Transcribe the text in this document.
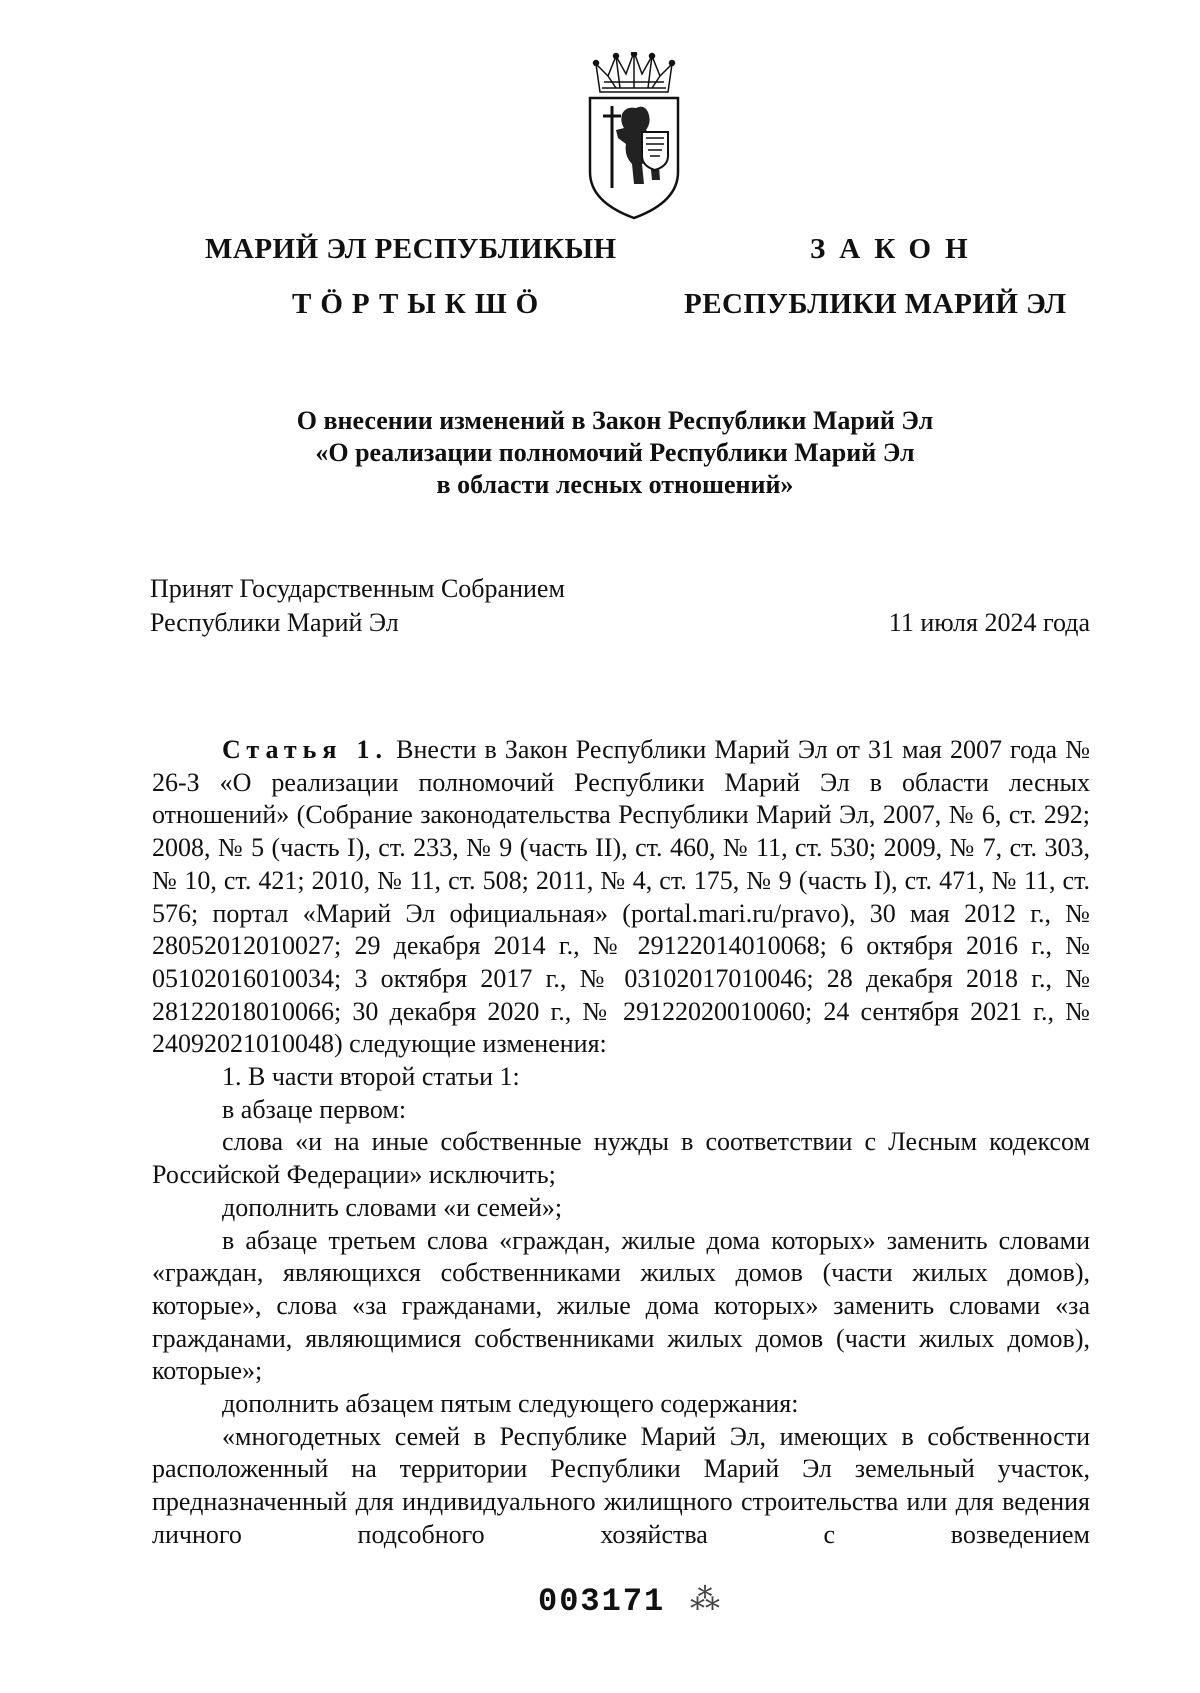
МАРИЙ ЭЛ РЕСПУБЛИКЫН
ТӦРТЫКШӦ
ЗАКОН
РЕСПУБЛИКИ МАРИЙ ЭЛ
О внесении изменений в Закон Республики Марий Эл
«О реализации полномочий Республики Марий Эл
в области лесных отношений»
Принят Государственным Собранием
Республики Марий Эл	11 июля 2024 года
Статья 1. Внести в Закон Республики Марий Эл от 31 мая 2007 года № 26-З «О реализации полномочий Республики Марий Эл в области лесных отношений» (Собрание законодательства Республики Марий Эл, 2007, № 6, ст. 292; 2008, № 5 (часть I), ст. 233, № 9 (часть II), ст. 460, № 11, ст. 530; 2009, № 7, ст. 303, № 10, ст. 421; 2010, № 11, ст. 508; 2011, № 4, ст. 175, № 9 (часть I), ст. 471, № 11, ст. 576; портал «Марий Эл официальная» (portal.mari.ru/pravo), 30 мая 2012 г., № 28052012010027; 29 декабря 2014 г., № 29122014010068; 6 октября 2016 г., № 05102016010034; 3 октября 2017 г., № 03102017010046; 28 декабря 2018 г., № 28122018010066; 30 декабря 2020 г., № 29122020010060; 24 сентября 2021 г., № 24092021010048) следующие изменения:
1. В части второй статьи 1:
в абзаце первом:
слова «и на иные собственные нужды в соответствии с Лесным кодексом Российской Федерации» исключить;
дополнить словами «и семей»;
в абзаце третьем слова «граждан, жилые дома которых» заменить словами «граждан, являющихся собственниками жилых домов (части жилых домов), которые», слова «за гражданами, жилые дома которых» заменить словами «за гражданами, являющимися собственниками жилых домов (части жилых домов), которые»;
дополнить абзацем пятым следующего содержания:
«многодетных семей в Республике Марий Эл, имеющих в собственности расположенный на территории Республики Марий Эл земельный участок, предназначенный для индивидуального жилищного строительства или для ведения личного подсобного хозяйства с возведением
003171 ⁂
